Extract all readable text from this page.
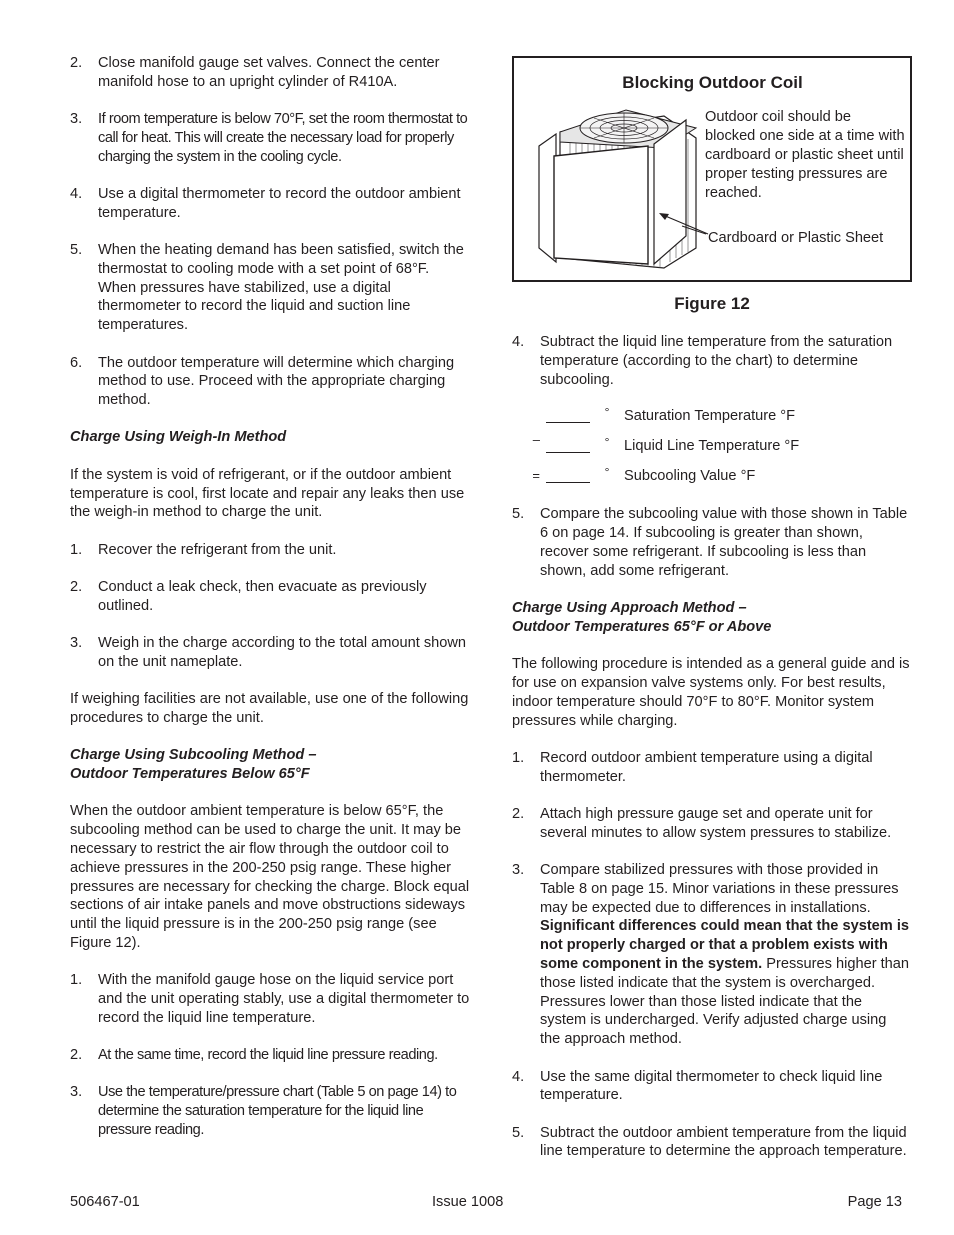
2.	Close manifold gauge set valves. Connect the center manifold hose to an upright cylinder of R410A.
3.	If room temperature is below 70°F, set the room thermostat to call for heat. This will create the necessary load for properly charging the system in the cooling cycle.
4.	Use a digital thermometer to record the outdoor ambient temperature.
5.	When the heating demand has been satisfied, switch the thermostat to cooling mode with a set point of 68°F. When pressures have stabilized, use a digital thermometer to record the liquid and suction line temperatures.
6.	The outdoor temperature will determine which charging method to use. Proceed with the appropriate charging method.
Charge Using Weigh-In Method
If the system is void of refrigerant, or if the outdoor ambient temperature is cool, first locate and repair any leaks then use the weigh-in method to charge the unit.
1.	Recover the refrigerant from the unit.
2.	Conduct a leak check, then evacuate as previously outlined.
3.	Weigh in the charge according to the total amount shown on the unit nameplate.
If weighing facilities are not available, use one of the following procedures to charge the unit.
Charge Using Subcooling Method –
Outdoor Temperatures Below 65°F
When the outdoor ambient temperature is below 65°F, the subcooling method can be used to charge the unit. It may be necessary to restrict the air flow through the outdoor coil to achieve pressures in the 200-250 psig range. These higher pressures are necessary for checking the charge. Block equal sections of air intake panels and move obstructions sideways until the liquid pressure is in the 200-250 psig range (see Figure 12).
1.	With the manifold gauge hose on the liquid service port and the unit operating stably, use a digital thermometer to record the liquid line temperature.
2.	At the same time, record the liquid line pressure reading.
3.	Use the temperature/pressure chart (Table 5 on page 14) to determine the saturation temperature for the liquid line pressure reading.
Blocking Outdoor Coil
Outdoor coil should be blocked one side at a time with cardboard or plastic sheet until proper testing pressures are reached.
Cardboard or Plastic Sheet
Figure 12
4.	Subtract the liquid line temperature from the saturation temperature (according to the chart) to determine subcooling.
° Saturation Temperature °F
–	° Liquid Line Temperature °F
=	° Subcooling Value °F
5.	Compare the subcooling value with those shown in Table 6 on page 14. If subcooling is greater than shown, recover some refrigerant. If subcooling is less than shown, add some refrigerant.
Charge Using Approach Method –
Outdoor Temperatures 65°F or Above
The following procedure is intended as a general guide and is for use on expansion valve systems only. For best results, indoor temperature should 70°F to 80°F. Monitor system pressures while charging.
1.	Record outdoor ambient temperature using a digital thermometer.
2.	Attach high pressure gauge set and operate unit for several minutes to allow system pressures to stabilize.
3.	Compare stabilized pressures with those provided in Table 8 on page 15. Minor variations in these pressures may be expected due to differences in installations. Significant differences could mean that the system is not properly charged or that a problem exists with some component in the system. Pressures higher than those listed indicate that the system is overcharged. Pressures lower than those listed indicate that the system is undercharged. Verify adjusted charge using the approach method.
4.	Use the same digital thermometer to check liquid line temperature.
5.	Subtract the outdoor ambient temperature from the liquid line temperature to determine the approach temperature.
506467-01	Issue 1008	Page 13
